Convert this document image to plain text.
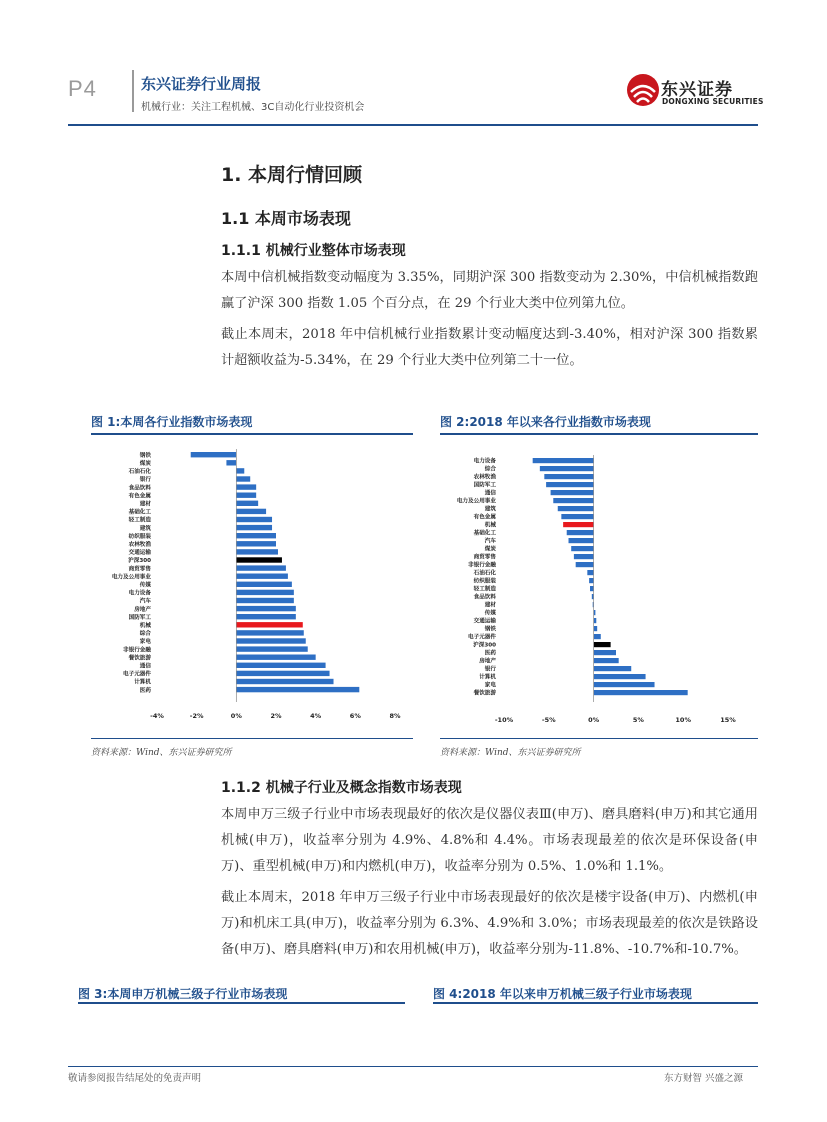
P4	东兴证券行业周报
机械行业：关注工程机械、3C自动化行业投资机会
东兴证券
DONGXING SECURITIES
1. 本周行情回顾
1.1 本周市场表现
1.1.1 机械行业整体市场表现
本周中信机械指数变动幅度为 3.35%，同期沪深 300 指数变动为 2.30%，中信机械指数跑赢了沪深 300 指数 1.05 个百分点，在 29 个行业大类中位列第九位。
截止本周末，2018 年中信机械行业指数累计变动幅度达到-3.40%，相对沪深 300 指数累计超额收益为-5.34%，在 29 个行业大类中位列第二十一位。
图 1:本周各行业指数市场表现	图 2:2018 年以来各行业指数市场表现
钢铁
煤炭
石油石化
银行
食品饮料
有色金属
建材
基础化工
轻工制造
建筑
纺织服装
农林牧渔
交通运输
沪深300
商贸零售
电力及公用事业
传媒
电力设备
汽车
房地产
国防军工
机械
综合
家电
非银行金融
餐饮旅游
通信
电子元器件
计算机
医药
-4%	-2%	0%	2%	4%	6%	8%
电力设备
综合
农林牧渔
国防军工
通信
电力及公用事业
建筑
有色金属
机械
基础化工
汽车
煤炭
商贸零售
非银行金融
石油石化
纺织服装
轻工制造
食品饮料
建材
传媒
交通运输
钢铁
电子元器件
沪深300
医药
房地产
银行
计算机
家电
餐饮旅游
-10%	-5%	0%	5%	10%	15%
资料来源：Wind、东兴证券研究所	资料来源：Wind、东兴证券研究所
1.1.2 机械子行业及概念指数市场表现
本周申万三级子行业中市场表现最好的依次是仪器仪表Ⅲ(申万)、磨具磨料(申万)和其它通用机械(申万)，收益率分别为 4.9%、4.8%和 4.4%。市场表现最差的依次是环保设备(申万)、重型机械(申万)和内燃机(申万)，收益率分别为 0.5%、1.0%和 1.1%。
截止本周末，2018 年申万三级子行业中市场表现最好的依次是楼宇设备(申万)、内燃机(申万)和机床工具(申万)，收益率分别为 6.3%、4.9%和 3.0%；市场表现最差的依次是铁路设备(申万)、磨具磨料(申万)和农用机械(申万)，收益率分别为-11.8%、-10.7%和-10.7%。
图 3:本周申万机械三级子行业市场表现	图 4:2018 年以来申万机械三级子行业市场表现
敬请参阅报告结尾处的免责声明	东方财智 兴盛之源
